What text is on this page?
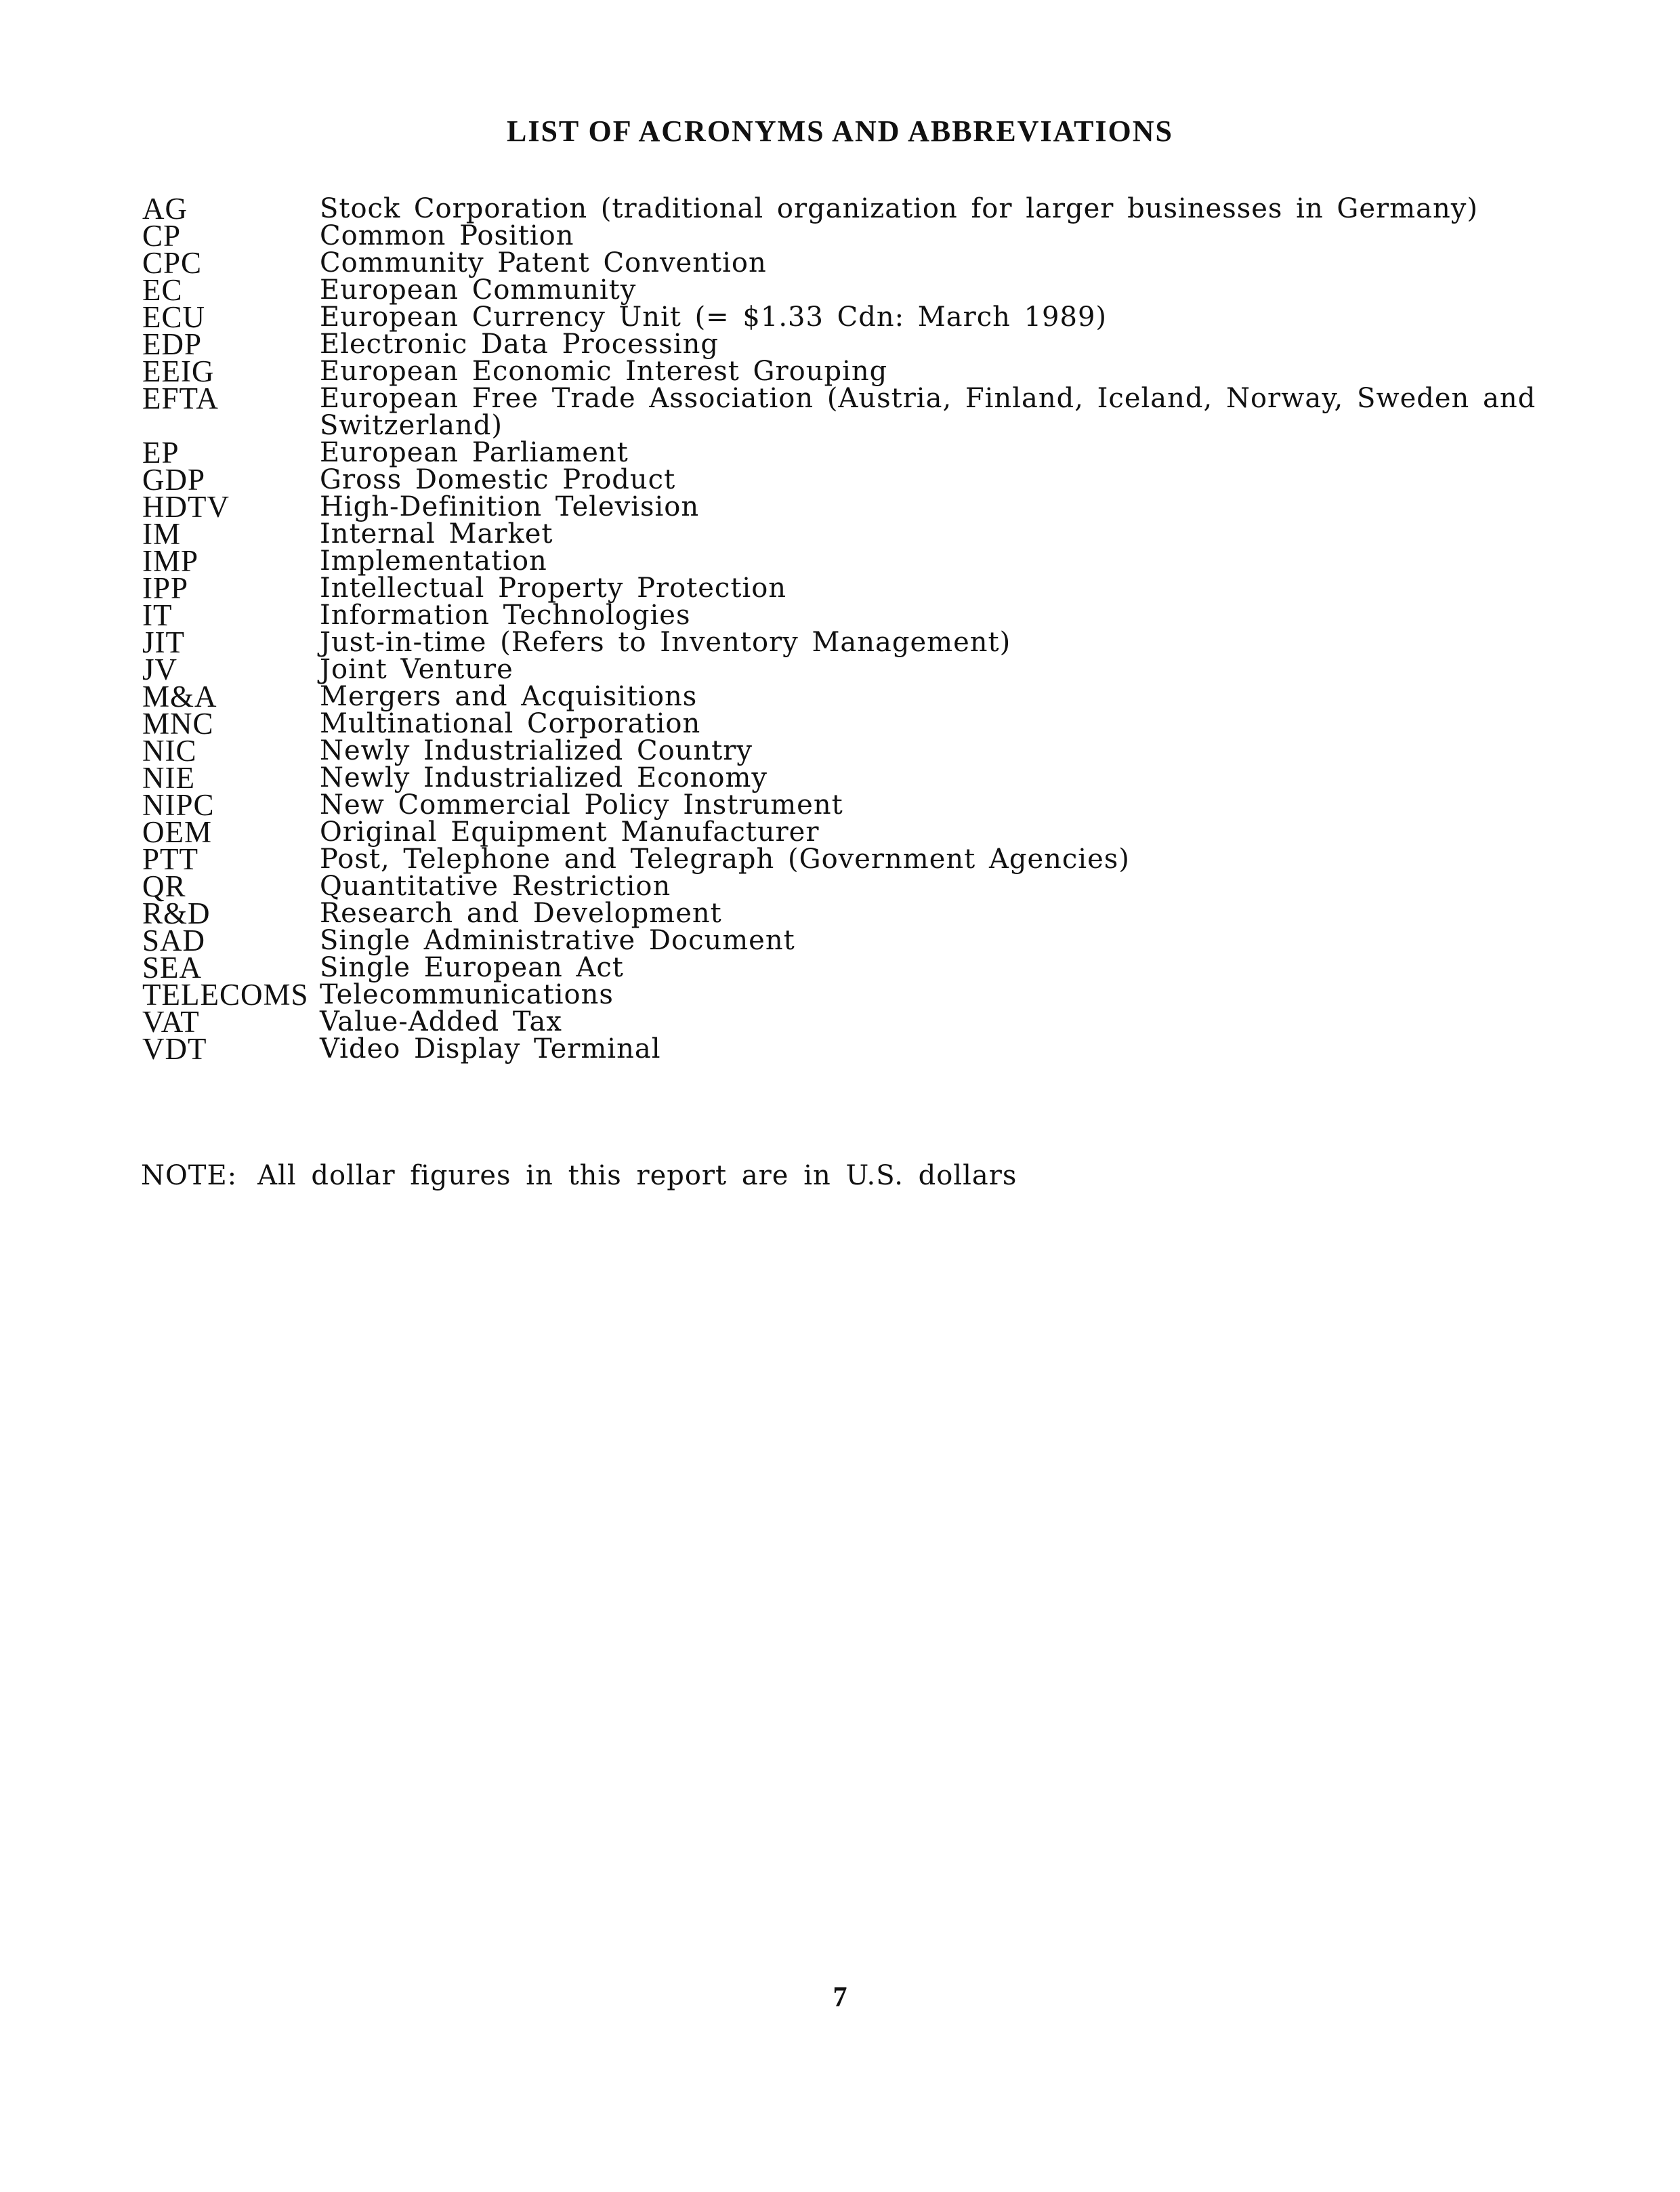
LIST OF ACRONYMS AND ABBREVIATIONS
AG	Stock Corporation (traditional organization for larger businesses in Germany)
CP	Common Position
CPC	Community Patent Convention
EC	European Community
ECU	European Currency Unit (= $1.33 Cdn: March 1989)
EDP	Electronic Data Processing
EEIG	European Economic Interest Grouping
EFTA	European Free Trade Association (Austria, Finland, Iceland, Norway, Sweden and Switzerland)
EP	European Parliament
GDP	Gross Domestic Product
HDTV	High-Definition Television
IM	Internal Market
IMP	Implementation
IPP	Intellectual Property Protection
IT	Information Technologies
JIT	Just-in-time (Refers to Inventory Management)
JV	Joint Venture
M&A	Mergers and Acquisitions
MNC	Multinational Corporation
NIC	Newly Industrialized Country
NIE	Newly Industrialized Economy
NIPC	New Commercial Policy Instrument
OEM	Original Equipment Manufacturer
PTT	Post, Telephone and Telegraph (Government Agencies)
QR	Quantitative Restriction
R&D	Research and Development
SAD	Single Administrative Document
SEA	Single European Act
TELECOMS Telecommunications
VAT	Value-Added Tax
VDT	Video Display Terminal
NOTE: All dollar figures in this report are in U.S. dollars
7
